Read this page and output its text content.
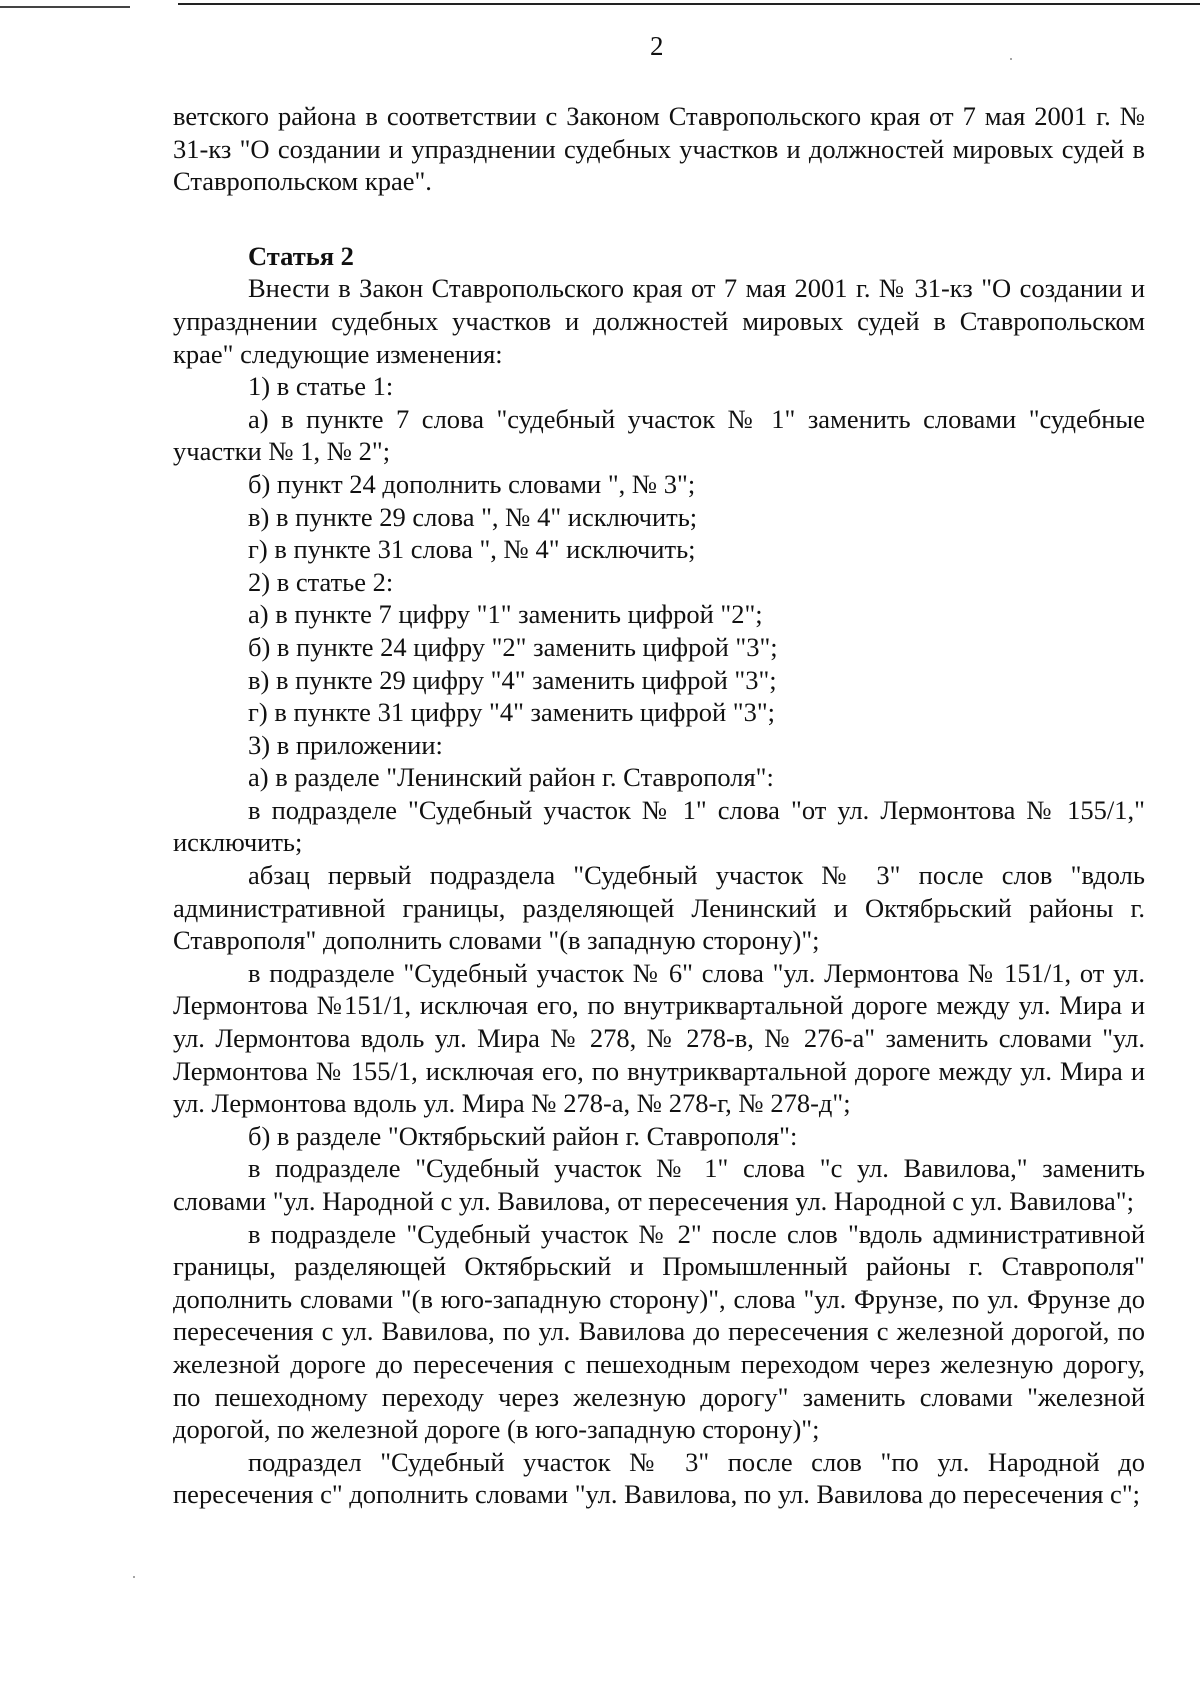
2

ветского района в соответствии с Законом Ставропольского края от 7 мая 2001 г. № 31-кз "О создании и упразднении судебных участков и должностей мировых судей в Ставропольском крае".

Статья 2

Внести в Закон Ставропольского края от 7 мая 2001 г. № 31-кз "О создании и упразднении судебных участков и должностей мировых судей в Ставропольском крае" следующие изменения:

1) в статье 1:

а) в пункте 7 слова "судебный участок № 1" заменить словами "судебные участки № 1, № 2";

б) пункт 24 дополнить словами ", № 3";

в) в пункте 29 слова ", № 4" исключить;

г) в пункте 31 слова ", № 4" исключить;

2) в статье 2:

а) в пункте 7 цифру "1" заменить цифрой "2";

б) в пункте 24 цифру "2" заменить цифрой "3";

в) в пункте 29 цифру "4" заменить цифрой "3";

г) в пункте 31 цифру "4" заменить цифрой "3";

3) в приложении:

а) в разделе "Ленинский район г. Ставрополя":

в подразделе "Судебный участок № 1" слова "от ул. Лермонтова № 155/1," исключить;

абзац первый подраздела "Судебный участок № 3" после слов "вдоль административной границы, разделяющей Ленинский и Октябрьский районы г. Ставрополя" дополнить словами "(в западную сторону)";

в подразделе "Судебный участок № 6" слова "ул. Лермонтова № 151/1, от ул. Лермонтова №151/1, исключая его, по внутриквартальной дороге между ул. Мира и ул. Лермонтова вдоль ул. Мира № 278, № 278-в, № 276-а" заменить словами "ул. Лермонтова № 155/1, исключая его, по внутриквартальной дороге между ул. Мира и ул. Лермонтова вдоль ул. Мира № 278-а, № 278-г, № 278-д";

б) в разделе "Октябрьский район г. Ставрополя":

в подразделе "Судебный участок № 1" слова "с ул. Вавилова," заменить словами "ул. Народной с ул. Вавилова, от пересечения ул. Народной с ул. Вавилова";

в подразделе "Судебный участок № 2" после слов "вдоль административной границы, разделяющей Октябрьский и Промышленный районы г. Ставрополя" дополнить словами "(в юго-западную сторону)", слова "ул. Фрунзе, по ул. Фрунзе до пересечения с ул. Вавилова, по ул. Вавилова до пересечения с железной дорогой, по железной дороге до пересечения с пешеходным переходом через железную дорогу, по пешеходному переходу через железную дорогу" заменить словами "железной дорогой, по железной дороге (в юго-западную сторону)";

подраздел "Судебный участок № 3" после слов "по ул. Народной до пересечения с" дополнить словами "ул. Вавилова, по ул. Вавилова до пересечения с";
